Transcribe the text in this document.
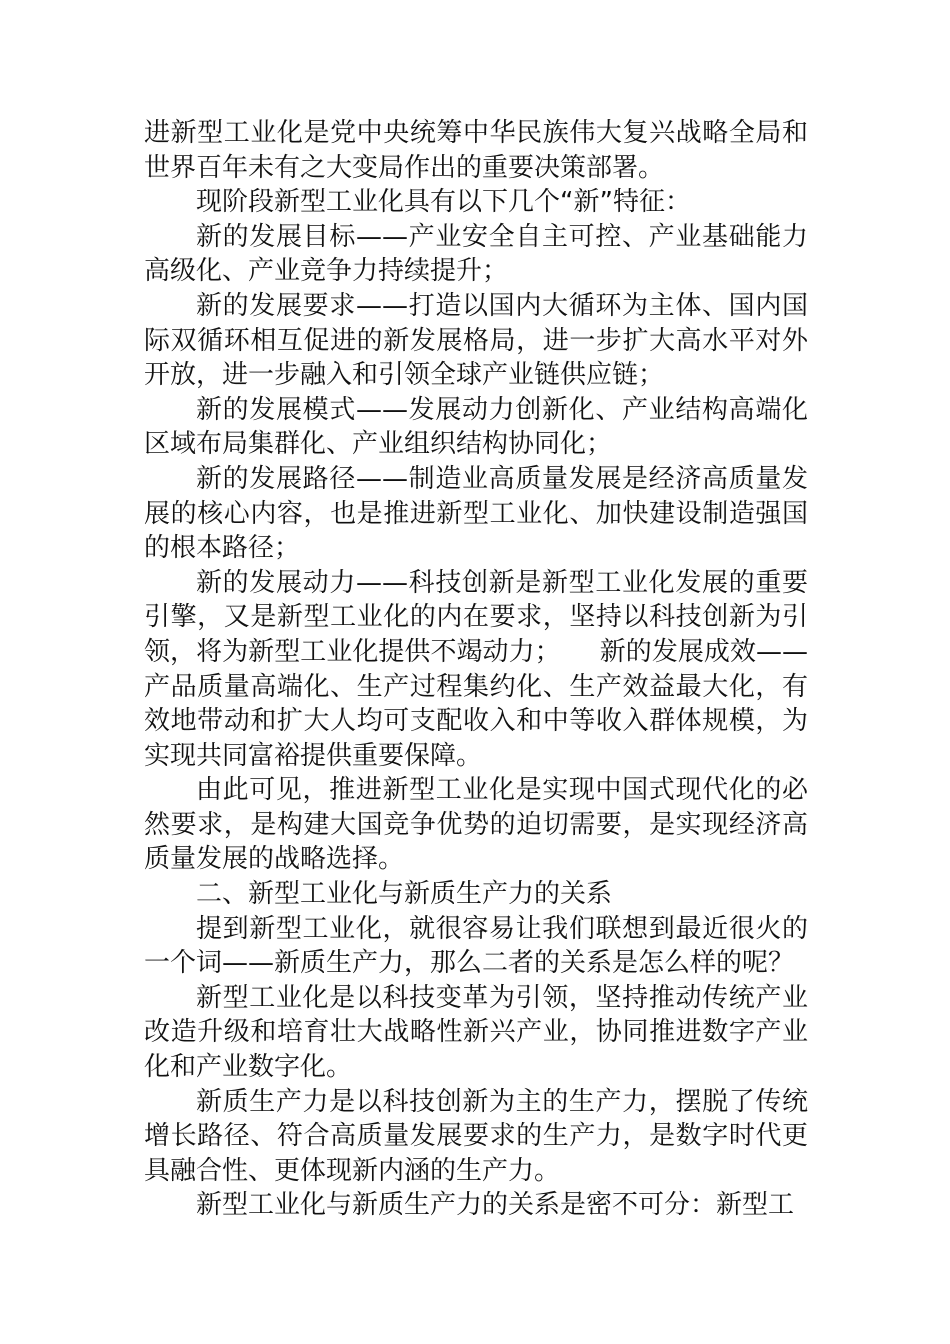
进新型工业化是党中央统筹中华民族伟大复兴战略全局和世界百年未有之大变局作出的重要决策部署。

现阶段新型工业化具有以下几个“新”特征：

新的发展目标——产业安全自主可控、产业基础能力高级化、产业竞争力持续提升；

新的发展要求——打造以国内大循环为主体、国内国际双循环相互促进的新发展格局，进一步扩大高水平对外开放，进一步融入和引领全球产业链供应链；

新的发展模式——发展动力创新化、产业结构高端化区域布局集群化、产业组织结构协同化；

新的发展路径——制造业高质量发展是经济高质量发展的核心内容，也是推进新型工业化、加快建设制造强国的根本路径；

新的发展动力——科技创新是新型工业化发展的重要引擎，又是新型工业化的内在要求，坚持以科技创新为引领，将为新型工业化提供不竭动力；　　新的发展成效——产品质量高端化、生产过程集约化、生产效益最大化，有效地带动和扩大人均可支配收入和中等收入群体规模，为实现共同富裕提供重要保障。

由此可见，推进新型工业化是实现中国式现代化的必然要求，是构建大国竞争优势的迫切需要，是实现经济高质量发展的战略选择。

二、新型工业化与新质生产力的关系

提到新型工业化，就很容易让我们联想到最近很火的一个词——新质生产力，那么二者的关系是怎么样的呢？

新型工业化是以科技变革为引领，坚持推动传统产业改造升级和培育壮大战略性新兴产业，协同推进数字产业化和产业数字化。

新质生产力是以科技创新为主的生产力，摆脱了传统增长路径、符合高质量发展要求的生产力，是数字时代更具融合性、更体现新内涵的生产力。

新型工业化与新质生产力的关系是密不可分：新型工
